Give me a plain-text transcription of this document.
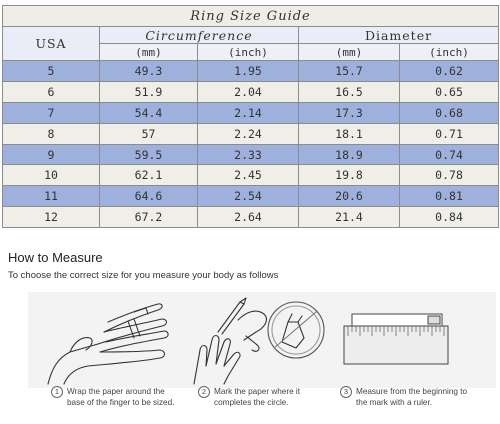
Ring Size Guide				
USA	Circumference		Diameter	
	(mm)	(inch)	(mm)	(inch)
5	49.3	1.95	15.7	0.62
6	51.9	2.04	16.5	0.65
7	54.4	2.14	17.3	0.68
8	57	2.24	18.1	0.71
9	59.5	2.33	18.9	0.74
10	62.1	2.45	19.8	0.78
11	64.6	2.54	20.6	0.81
12	67.2	2.64	21.4	0.84
How to Measure

To choose the correct size for you measure your body as follows

1 Wrap the paper around the
base of the finger to be sized.
2 Mark the paper where it
completes the circle.
3 Measure from the beginning to
the mark with a ruler.
